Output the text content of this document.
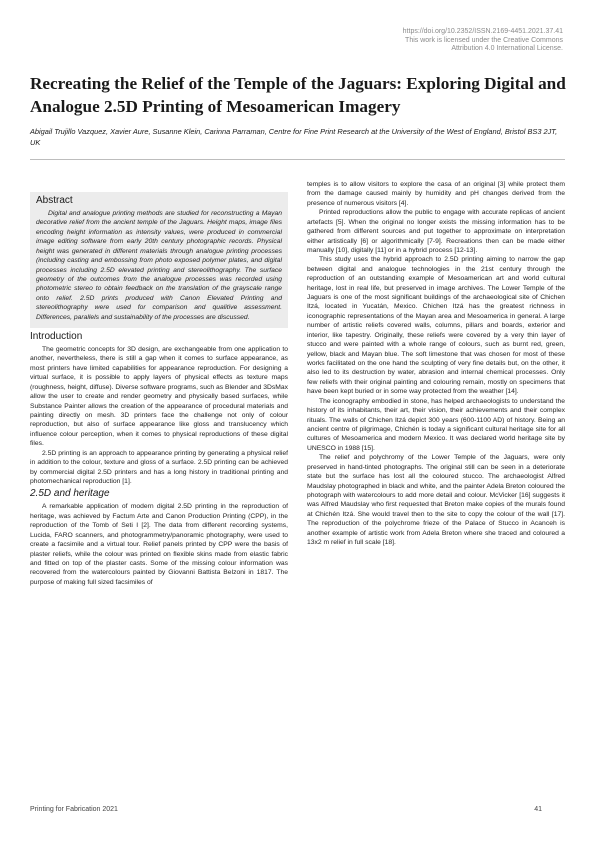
https://doi.org/10.2352/ISSN.2169-4451.2021.37.41
This work is licensed under the Creative Commons
Attribution 4.0 International License.
Recreating the Relief of the Temple of the Jaguars: Exploring Digital and Analogue 2.5D Printing of Mesoamerican Imagery
Abigail Trujillo Vazquez, Xavier Aure, Susanne Klein, Carinna Parraman, Centre for Fine Print Research at the University of the West of England, Bristol BS3 2JT, UK
Abstract

Digital and analogue printing methods are studied for reconstructing a Mayan decorative relief from the ancient temple of the Jaguars. Height maps, image files encoding height information as intensity values, were produced in commercial image editing software from early 20th century photographic records. Physical height was generated in different materials through analogue printing processes (including casting and embossing from photo exposed polymer plates, and digital processes including 2.5D elevated printing and stereolithography. The surface geometry of the outcomes from the analogue processes was recorded using photometric stereo to obtain feedback on the translation of the grayscale range onto relief. 2.5D prints produced with Canon Elevated Printing and stereolithography were used for comparison and qualitive assessment. Differences, parallels and sustainability of the processes are discussed.

Introduction

The geometric concepts for 3D design, are exchangeable from one application to another, nevertheless, there is still a gap when it comes to surface appearance, as most printers have limited capabilities for appearance reproduction. For designing a virtual surface, it is possible to apply layers of physical effects as texture maps (roughness, height, diffuse). Diverse software programs, such as Blender and 3DsMax allow the user to create and render geometry and physically based surfaces, while Substance Painter allows the creation of the appearance of procedural materials and painting directly on mesh. 3D printers face the challenge not only of colour reproduction, but also of surface appearance like gloss and translucency which influence colour perception, when it comes to physical reproductions of these digital files.

2.5D printing is an approach to appearance printing by generating a physical relief in addition to the colour, texture and gloss of a surface. 2.5D printing can be achieved by commercial digital 2.5D printers and has a long history in traditional printing and photomechanical reproduction [1].

2.5D and heritage

A remarkable application of modern digital 2.5D printing in the reproduction of heritage, was achieved by Factum Arte and Canon Production Printing (CPP), in the reproduction of the Tomb of Seti I [2]. The data from different recording systems, Lucida, FARO scanners, and photogrammetry/panoramic photography, were used to create a facsimile and a virtual tour. Relief panels printed by CPP were the basis of plaster reliefs, while the colour was printed on flexible skins made from elastic fabric and fitted on top of the plaster casts. Some of the missing colour information was recovered from the watercolours painted by Giovanni Battista Belzoni in 1817. The purpose of making full sized facsimiles of

temples is to allow visitors to explore the casa of an original [3] while protect them from the damage caused mainly by humidity and pH changes derived from the presence of numerous visitors [4].

Printed reproductions allow the public to engage with accurate replicas of ancient artefacts [5]. When the original no longer exists the missing information has to be gathered from different sources and put together to approximate on interpretation either artistically [6] or algorithmically [7-9]. Recreations then can be made either manually [10], digitally [11] or in a hybrid process [12-13].

This study uses the hybrid approach to 2.5D printing aiming to narrow the gap between digital and analogue technologies in the 21st century through the reproduction of an outstanding example of Mesoamerican art and world cultural heritage, lost in real life, but preserved in image archives. The Lower Temple of the Jaguars is one of the most significant buildings of the archaeological site of Chichen Itzá, located in Yucatán, Mexico. Chichen Itzá has the greatest richness in iconographic representations of the Mayan area and Mesoamerica in general. A large number of artistic reliefs covered walls, columns, pillars and boards, exterior and interior, like tapestry. Originally, these reliefs were covered by a very thin layer of stucco and were painted with a whole range of colours, such as burnt red, green, yellow, black and Mayan blue. The soft limestone that was chosen for most of these works facilitated on the one hand the sculpting of very fine details but, on the other, it also led to its destruction by water, abrasion and internal chemical processes. Only few reliefs with their original painting and colouring remain, mostly on specimens that have been kept buried or in some way protected from the weather [14].

The iconography embodied in stone, has helped archaeologists to understand the history of its inhabitants, their art, their vision, their achievements and their complex rituals. The walls of Chichen Itzá depict 300 years (600-1100 AD) of history. Being an ancient centre of pilgrimage, Chichén is today a significant cultural heritage site for all cultures of Mesoamerica and modern Mexico. It was declared world heritage site by UNESCO in 1988 [15].

The relief and polychromy of the Lower Temple of the Jaguars, were only preserved in hand-tinted photographs. The original still can be seen in a deteriorate state but the surface has lost all the coloured stucco. The archaeologist Alfred Maudslay photographed in black and white, and the painter Adela Breton coloured the photograph with watercolours to add more detail and colour. McVicker [16] suggests it was Alfred Maudslay who first requested that Breton make copies of the murals found at Chichén Itzá. She would travel then to the site to copy the colour of the wall [17]. The reproduction of the polychrome frieze of the Palace of Stucco in Acanceh is another example of artistic work from Adela Breton where she traced and coloured a 13x2 m relief in full scale [18].

Printing for Fabrication 2021	41
